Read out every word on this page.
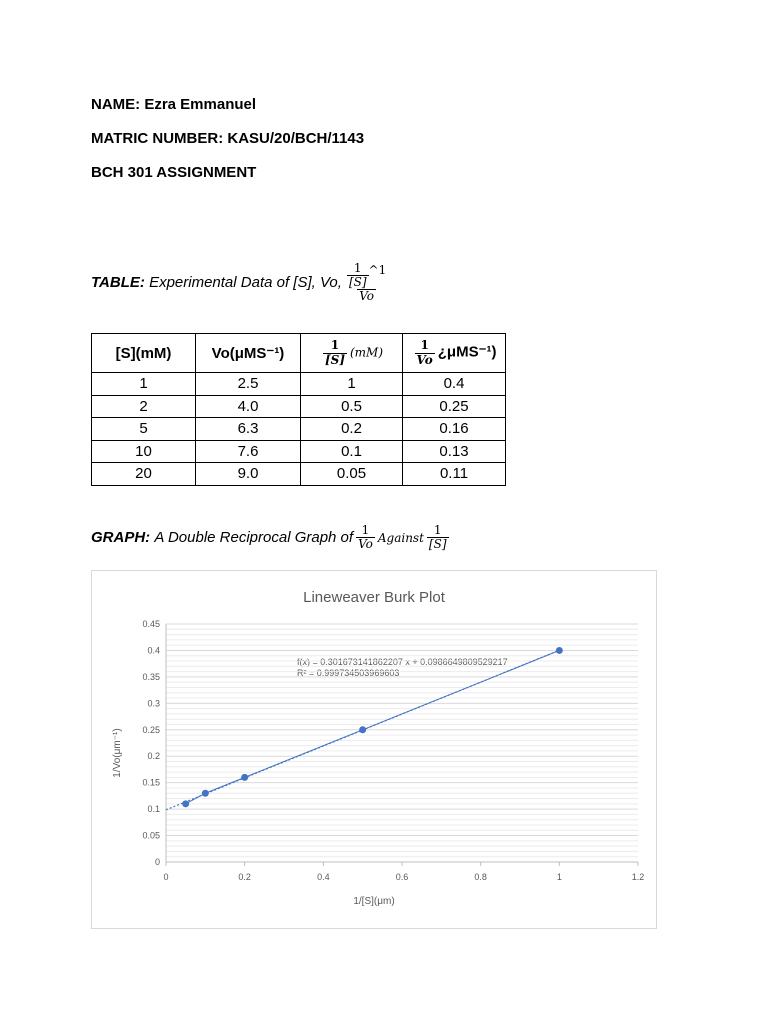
NAME: Ezra Emmanuel
MATRIC NUMBER: KASU/20/BCH/1143
BCH 301 ASSIGNMENT
TABLE:
Experimental Data of [S], Vo, $\frac{\frac{1}{[S]} \^{}1}{Vo}$
[S](mM)	Vo(μMS⁻¹)	$\frac{1}{[S]} (mM)$	$\frac{1}{Vo}$ ¿μMS⁻¹)
1	2.5	1	0.4
2	4.0	0.5	0.25
5	6.3	0.2	0.16
10	7.6	0.1	0.13
20	9.0	0.05	0.11
GRAPH:
A Double Reciprocal Graph of $\frac{1}{Vo}$ Against $\frac{1}{[S]}$
Lineweaver Burk Plot
f(x) = 0.301673141862207 x + 0.0986649809529217
R² = 0.999734503969603
1/[S](μm)
1/Vo(μm⁻¹)
0
0.05
0.1
0.15
0.2
0.25
0.3
0.35
0.4
0.45
0	0.2	0.4	0.6	0.8	1	1.2
